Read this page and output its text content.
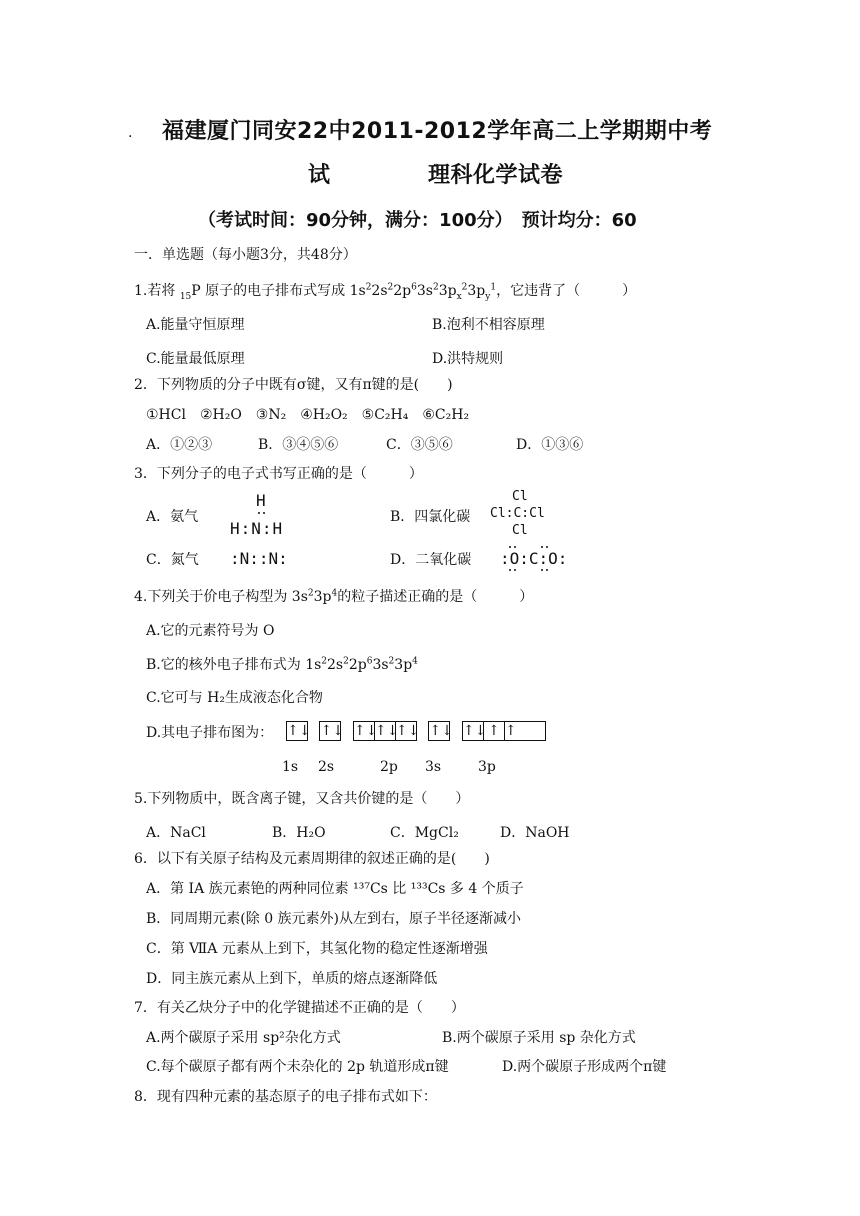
. 福建厦门同安22中2011-2012学年高二上学期期中考
试	理科化学试卷
（考试时间：90分钟，满分：100分）　预计均分：60
一．单选题（每小题3分，共48分）
1.若将 $_{15}$P 原子的电子排布式写成 $1s^22s^22p^63s^23p_x^23p_y^1$，它违背了（　　　）
A.能量守恒原理	B.泡利不相容原理
C.能量最低原理	D.洪特规则
2．下列物质的分子中既有σ键，又有π键的是(　　)
①HCl　②H₂O　③N₂　④H₂O₂　⑤C₂H₄　⑥C₂H₂
A．①②③	B．③④⑤⑥	C．③⑤⑥	D．①③⑥
3．下列分子的电子式书写正确的是（　　　）
A．氨气
H
H:N:H
B．四氯化碳
Cl
Cl:C:Cl
Cl
C．氮气 :N::N:	D．二氧化碳 :O:C:O:
4.下列关于价电子构型为 $3s^23p^4$的粒子描述正确的是（　　　）
A.它的元素符号为 O
B.它的核外电子排布式为 $1s^22s^22p^63s^23p^4$
C.它可与 H₂生成液态化合物
D.其电子排布图为： ↑↓ ↑↓ ↑↓↑↓↑↓ ↑↓ ↑↓ ↑ ↑
1s 2s	2p 3s	3p
5.下列物质中，既含离子键，又含共价键的是（　　）
A．NaCl	B．H₂O	C．MgCl₂	D．NaOH
6．以下有关原子结构及元素周期律的叙述正确的是(　　)
A．第 IA 族元素铯的两种同位素 ¹³⁷Cs 比 ¹³³Cs 多 4 个质子
B．同周期元素(除 0 族元素外)从左到右，原子半径逐渐减小
C．第 ⅦA 元素从上到下，其氢化物的稳定性逐渐增强
D．同主族元素从上到下，单质的熔点逐渐降低
7．有关乙炔分子中的化学键描述不正确的是（　　）
A.两个碳原子采用 sp²杂化方式	B.两个碳原子采用 sp 杂化方式
C.每个碳原子都有两个未杂化的 2p 轨道形成π键	D.两个碳原子形成两个π键
8．现有四种元素的基态原子的电子排布式如下：
